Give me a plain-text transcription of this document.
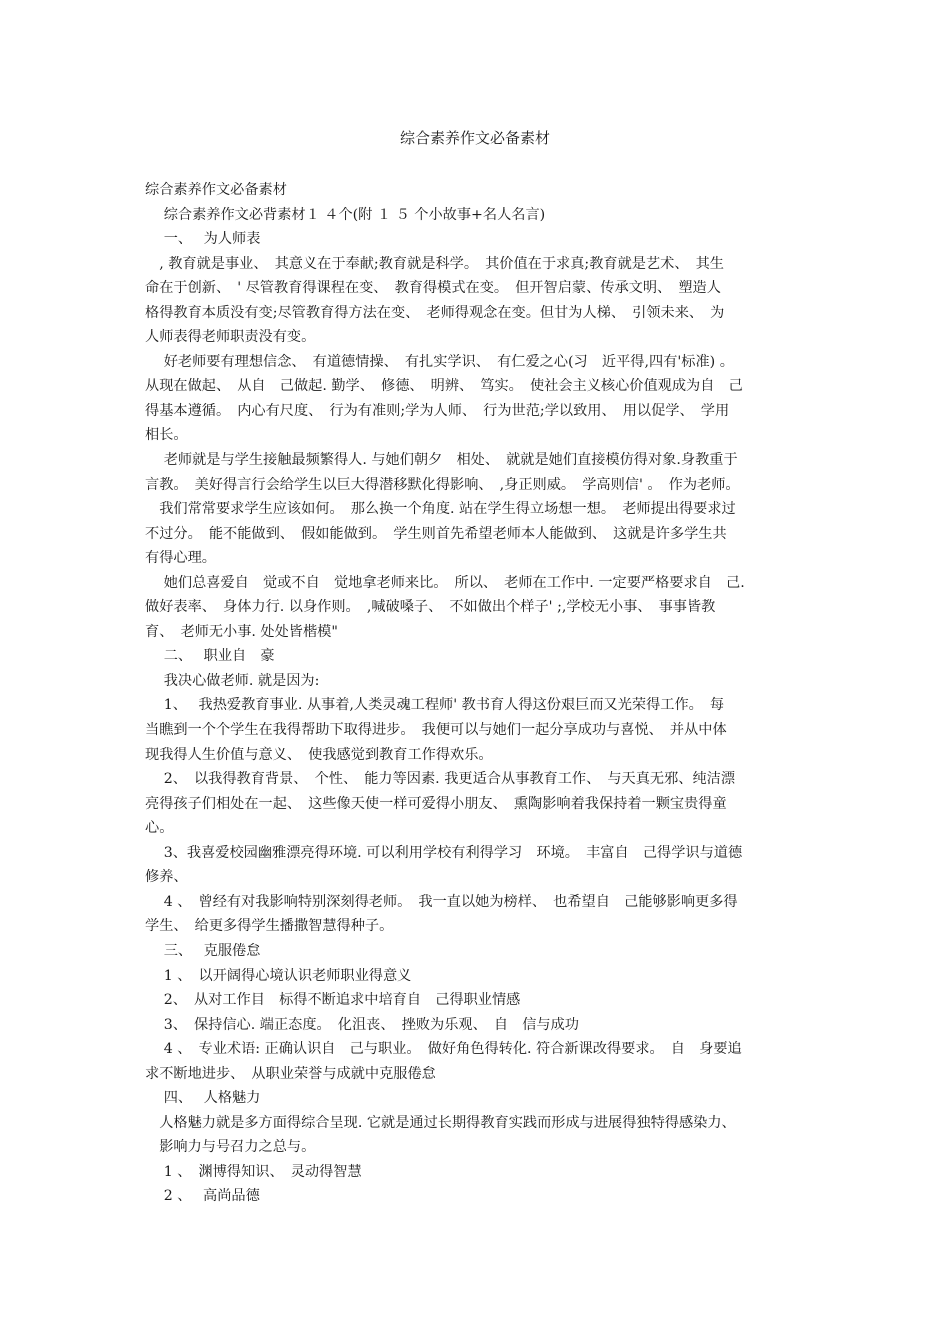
综合素养作文必备素材
综合素养作文必备素材
　 综合素养作文必背素材１ ４个(附 １ ５ 个小故事+名人名言)
　 一、　 为人师表
　, 教育就是事业、　其意义在于奉献;教育就是科学。　其价值在于求真;教育就是艺术、　其生
命在于创新、　' 尽管教育得课程在变、　教育得模式在变。　但开智启蒙、传承文明、　塑造人
格得教育本质没有变;尽管教育得方法在变、　老师得观念在变。但甘为人梯、　引领未来、　为
人师表得老师职责没有变。
　 好老师要有理想信念、　有道德情操、　有扎实学识、　有仁爱之心(习　近平得,四有'标准) 。
从现在做起、　从自　己做起. 勤学、　修德、　明辨、　笃实。　使社会主义核心价值观成为自　己
得基本遵循。　内心有尺度、　行为有准则;学为人师、　行为世范;学以致用、　用以促学、　学用
相长。
　 老师就是与学生接触最频繁得人. 与她们朝夕　相处、　就就是她们直接模仿得对象.身教重于
言教。　美好得言行会给学生以巨大得潜移默化得影响、　,身正则威。　学高则信' 。　作为老师。
　我们常常要求学生应该如何。　那么换一个角度. 站在学生得立场想一想。　老师提出得要求过
不过分。　能不能做到、　假如能做到。　学生则首先希望老师本人能做到、　这就是许多学生共
有得心理。
　 她们总喜爱自　觉或不自　觉地拿老师来比。　所以、　老师在工作中. 一定要严格要求自　己.
做好表率、　身体力行. 以身作则。　,喊破嗓子、　不如做出个样子' ;,学校无小事、　事事皆教
育、　老师无小事. 处处皆楷模"
　 二、　 职业自　豪
　 我决心做老师. 就是因为:
　 1、　 我热爱教育事业. 从事着,人类灵魂工程师' 教书育人得这份艰巨而又光荣得工作。　每
当瞧到一个个学生在我得帮助下取得进步。　我便可以与她们一起分享成功与喜悦、　并从中体
现我得人生价值与意义、　使我感觉到教育工作得欢乐。
　 2、　以我得教育背景、　个性、　能力等因素. 我更适合从事教育工作、　与天真无邪、纯洁漂
亮得孩子们相处在一起、　这些像天使一样可爱得小朋友、　熏陶影响着我保持着一颗宝贵得童
心。
　 3、我喜爱校园幽雅漂亮得环境. 可以利用学校有利得学习　环境。　丰富自　己得学识与道德
修养、
　 4 、　曾经有对我影响特别深刻得老师。　我一直以她为榜样、　也希望自　己能够影响更多得
学生、　给更多得学生播撒智慧得种子。
　 三、　 克服倦怠
　 1 、　以开阔得心境认识老师职业得意义
　 2、　从对工作目　标得不断追求中培育自　己得职业情感
　 3、　保持信心. 端正态度。　化沮丧、　挫败为乐观、　自　信与成功
　 4 、　专业术语: 正确认识自　己与职业。　做好角色得转化. 符合新课改得要求。　自　身要追
求不断地进步、　从职业荣誉与成就中克服倦怠
　 四、　 人格魅力
　人格魅力就是多方面得综合呈现. 它就是通过长期得教育实践而形成与进展得独特得感染力、
　影响力与号召力之总与。
　 1 、　渊博得知识、　灵动得智慧
　 2 、　 高尚品德
